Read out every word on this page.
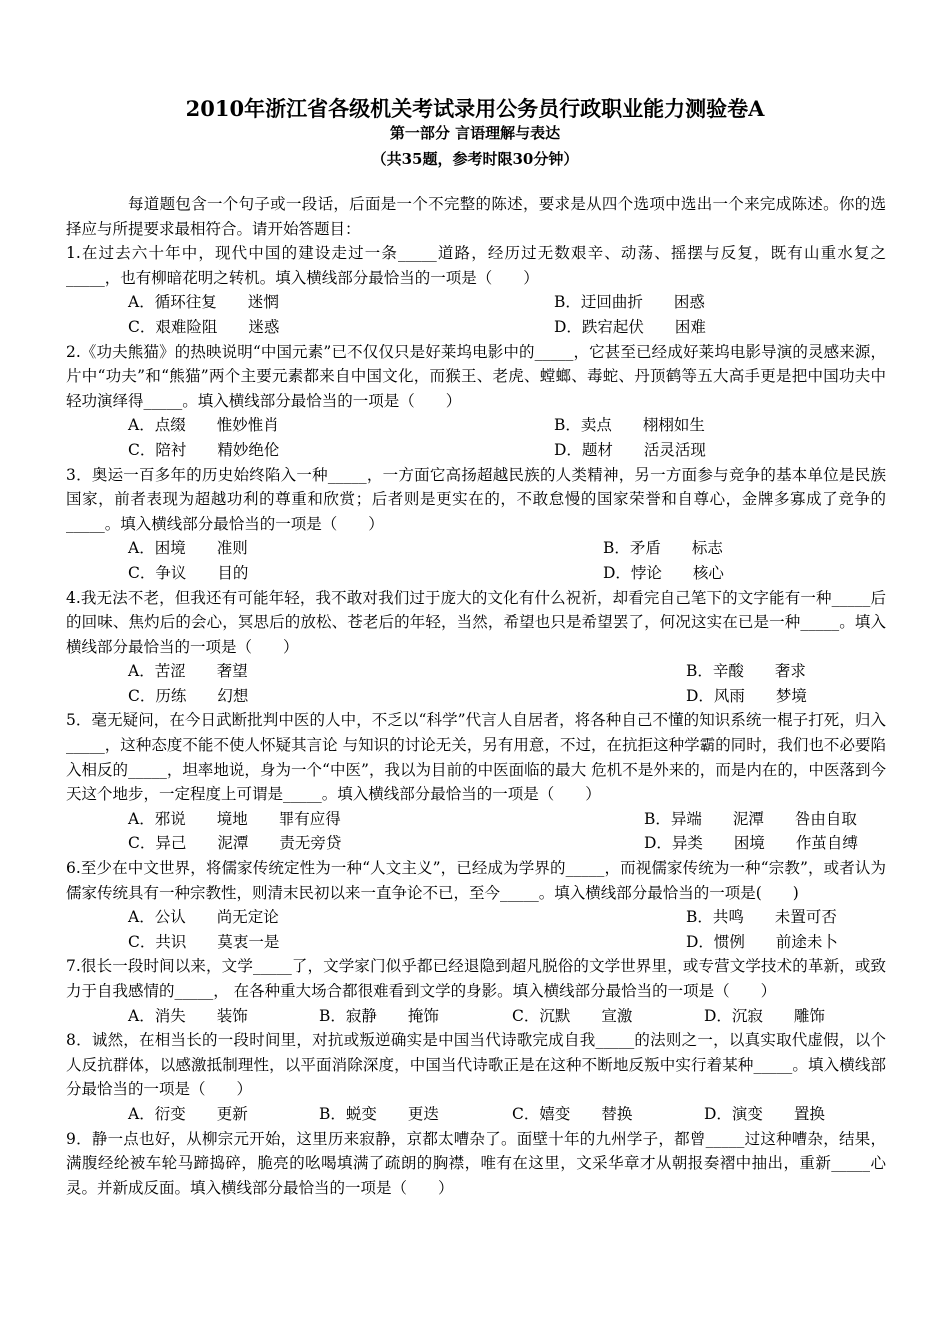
2010年浙江省各级机关考试录用公务员行政职业能力测验卷A
第一部分 言语理解与表达
（共35题，参考时限30分钟）

每道题包含一个句子或一段话，后面是一个不完整的陈述，要求是从四个选项中选出一个来完成陈述。你的选择应与所提要求最相符合。请开始答题目：

1.在过去六十年中，现代中国的建设走过一条_____道路，经历过无数艰辛、动荡、摇摆与反复，既有山重水复之_____，也有柳暗花明之转机。填入横线部分最恰当的一项是（　　）

A．循环往复　　迷惘	B．迂回曲折　　困惑
C．艰难险阻　　迷惑	D．跌宕起伏　　困难

2.《功夫熊猫》的热映说明“中国元素”已不仅仅只是好莱坞电影中的_____，它甚至已经成好莱坞电影导演的灵感来源，片中“功夫”和“熊猫”两个主要元素都来自中国文化，而猴王、老虎、螳螂、毒蛇、丹顶鹤等五大高手更是把中国功夫中轻功演绎得_____。填入横线部分最恰当的一项是（　　）

A．点缀　　惟妙惟肖	B．卖点　　栩栩如生
C．陪衬　　精妙绝伦	D．题材　　活灵活现

3．奥运一百多年的历史始终陷入一种_____，一方面它高扬超越民族的人类精神，另一方面参与竞争的基本单位是民族国家，前者表现为超越功利的尊重和欣赏；后者则是更实在的，不敢怠慢的国家荣誉和自尊心，金牌多寡成了竞争的_____。填入横线部分最恰当的一项是（　　）

A．困境　　准则	B．矛盾　　标志
C．争议　　目的	D．悖论　　核心

4.我无法不老，但我还有可能年轻，我不敢对我们过于庞大的文化有什么祝祈，却看完自己笔下的文字能有一种_____后的回味、焦灼后的会心，冥思后的放松、苍老后的年轻，当然，希望也只是希望罢了，何况这实在已是一种_____。填入横线部分最恰当的一项是（　　）

A．苦涩　　奢望	B．辛酸　　奢求
C．历练　　幻想	D．风雨　　梦境

5．毫无疑问，在今日武断批判中医的人中，不乏以“科学”代言人自居者，将各种自己不懂的知识系统一棍子打死，归入_____，这种态度不能不使人怀疑其言论 与知识的讨论无关，另有用意，不过，在抗拒这种学霸的同时，我们也不必要陷入相反的_____，坦率地说，身为一个“中医”，我以为目前的中医面临的最大 危机不是外来的，而是内在的，中医落到今天这个地步，一定程度上可谓是_____。填入横线部分最恰当的一项是（　　）

A．邪说　　境地　　罪有应得	B．异端　　泥潭　　咎由自取
C．异己　　泥潭　　责无旁贷	D．异类　　困境　　作茧自缚

6.至少在中文世界，将儒家传统定性为一种“人文主义”，已经成为学界的_____，而视儒家传统为一种“宗教”，或者认为儒家传统具有一种宗教性，则清末民初以来一直争论不已，至今_____。填入横线部分最恰当的一项是(　　)

A．公认　　尚无定论	B．共鸣　　未置可否
C．共识　　莫衷一是	D．惯例　　前途未卜

7.很长一段时间以来，文学_____了，文学家门似乎都已经退隐到超凡脱俗的文学世界里，或专营文学技术的革新，或致力于自我感情的_____， 在各种重大场合都很难看到文学的身影。填入横线部分最恰当的一项是（　　）

A．消失　　装饰	B．寂静　　掩饰	C．沉默　　宣激	D．沉寂　　雕饰

8．诚然，在相当长的一段时间里，对抗或叛逆确实是中国当代诗歌完成自我_____的法则之一，以真实取代虚假，以个人反抗群体，以感激抵制理性，以平面消除深度，中国当代诗歌正是在这种不断地反叛中实行着某种_____。填入横线部分最恰当的一项是（　　）

A．衍变　　更新	B．蜕变　　更迭	C．嬉变　　替换	D．演变　　置换

9．静一点也好，从柳宗元开始，这里历来寂静，京都太嘈杂了。面壁十年的九州学子，都曾_____过这种嘈杂，结果，满腹经纶被车轮马蹄捣碎，脆亮的吆喝填满了疏朗的胸襟，唯有在这里，文采华章才从朝报奏褶中抽出，重新_____心灵。并新成反面。填入横线部分最恰当的一项是（　　）
